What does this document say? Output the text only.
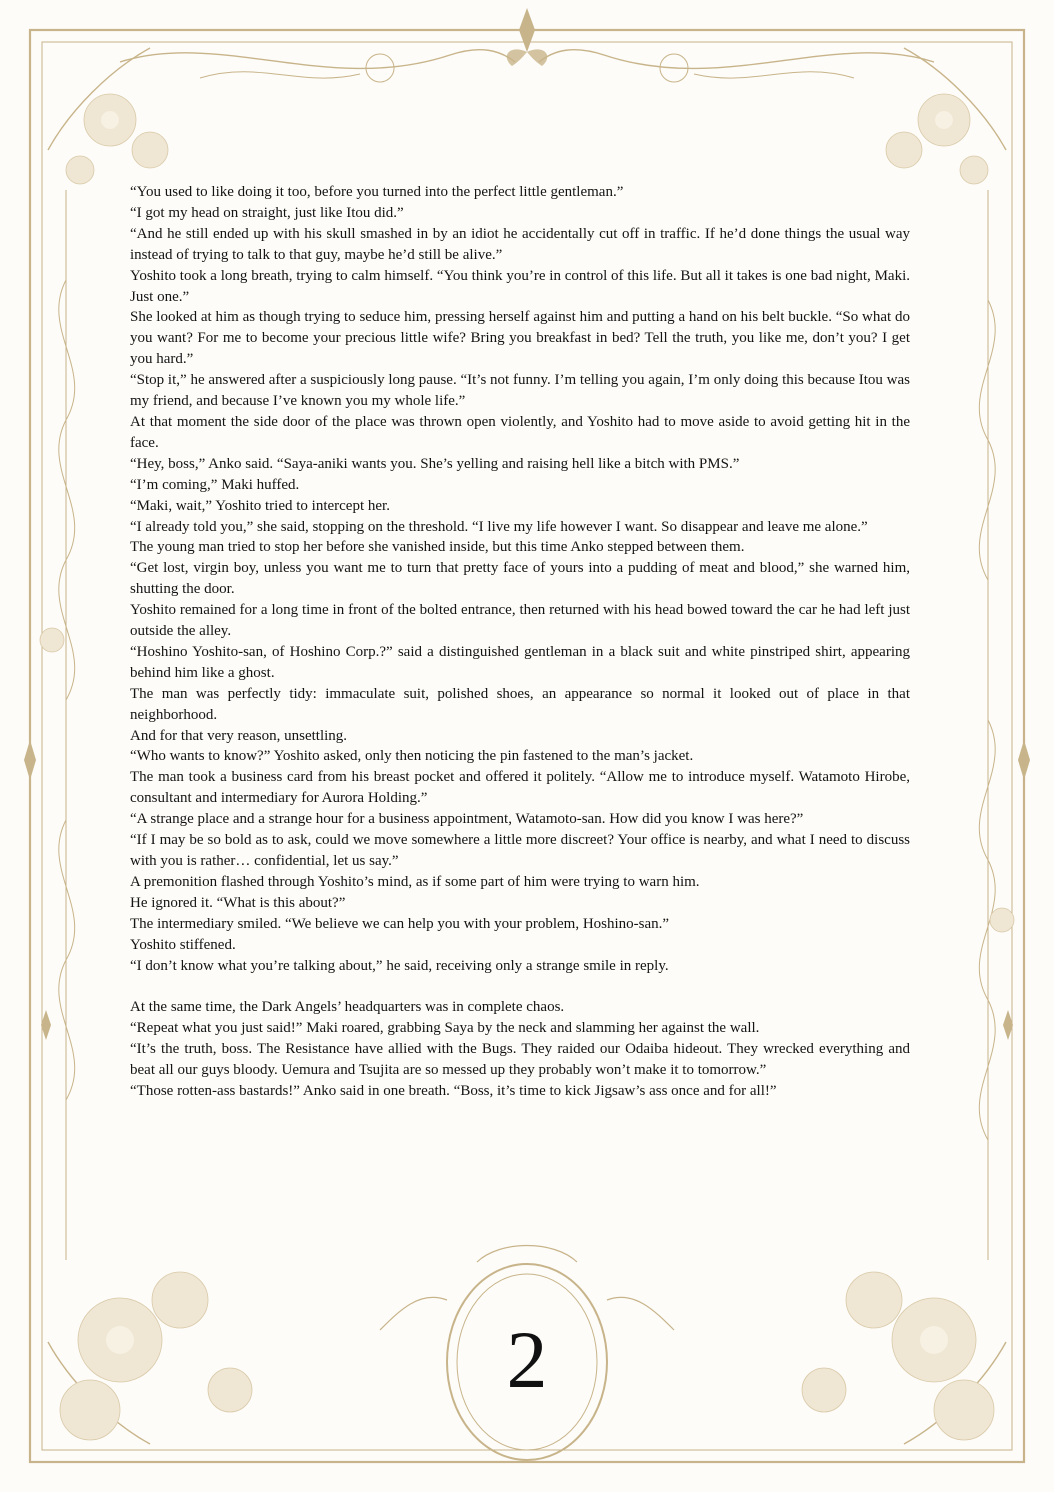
“You used to like doing it too, before you turned into the perfect little gentleman.”

“I got my head on straight, just like Itou did.”

“And he still ended up with his skull smashed in by an idiot he accidentally cut off in traffic. If he’d done things the usual way instead of trying to talk to that guy, maybe he’d still be alive.”

Yoshito took a long breath, trying to calm himself. “You think you’re in control of this life. But all it takes is one bad night, Maki. Just one.”

She looked at him as though trying to seduce him, pressing herself against him and putting a hand on his belt buckle. “So what do you want? For me to become your precious little wife? Bring you breakfast in bed? Tell the truth, you like me, don’t you? I get you hard.”

“Stop it,” he answered after a suspiciously long pause. “It’s not funny. I’m telling you again, I’m only doing this because Itou was my friend, and because I’ve known you my whole life.”

At that moment the side door of the place was thrown open violently, and Yoshito had to move aside to avoid getting hit in the face.

“Hey, boss,” Anko said. “Saya-aniki wants you. She’s yelling and raising hell like a bitch with PMS.”

“I’m coming,” Maki huffed.

“Maki, wait,” Yoshito tried to intercept her.

“I already told you,” she said, stopping on the threshold. “I live my life however I want. So disappear and leave me alone.”

The young man tried to stop her before she vanished inside, but this time Anko stepped between them.

“Get lost, virgin boy, unless you want me to turn that pretty face of yours into a pudding of meat and blood,” she warned him, shutting the door.

Yoshito remained for a long time in front of the bolted entrance, then returned with his head bowed toward the car he had left just outside the alley.

“Hoshino Yoshito-san, of Hoshino Corp.?” said a distinguished gentleman in a black suit and white pinstriped shirt, appearing behind him like a ghost.

The man was perfectly tidy: immaculate suit, polished shoes, an appearance so normal it looked out of place in that neighborhood.

And for that very reason, unsettling.

“Who wants to know?” Yoshito asked, only then noticing the pin fastened to the man’s jacket.

The man took a business card from his breast pocket and offered it politely. “Allow me to introduce myself. Watamoto Hirobe, consultant and intermediary for Aurora Holding.”

“A strange place and a strange hour for a business appointment, Watamoto-san. How did you know I was here?”

“If I may be so bold as to ask, could we move somewhere a little more discreet? Your office is nearby, and what I need to discuss with you is rather… confidential, let us say.”

A premonition flashed through Yoshito’s mind, as if some part of him were trying to warn him.

He ignored it. “What is this about?”

The intermediary smiled. “We believe we can help you with your problem, Hoshino-san.”

Yoshito stiffened.

“I don’t know what you’re talking about,” he said, receiving only a strange smile in reply.

At the same time, the Dark Angels’ headquarters was in complete chaos.

“Repeat what you just said!” Maki roared, grabbing Saya by the neck and slamming her against the wall.

“It’s the truth, boss. The Resistance have allied with the Bugs. They raided our Odaiba hideout. They wrecked everything and beat all our guys bloody. Uemura and Tsujita are so messed up they probably won’t make it to tomorrow.”

“Those rotten-ass bastards!” Anko said in one breath. “Boss, it’s time to kick Jigsaw’s ass once and for all!”

2
